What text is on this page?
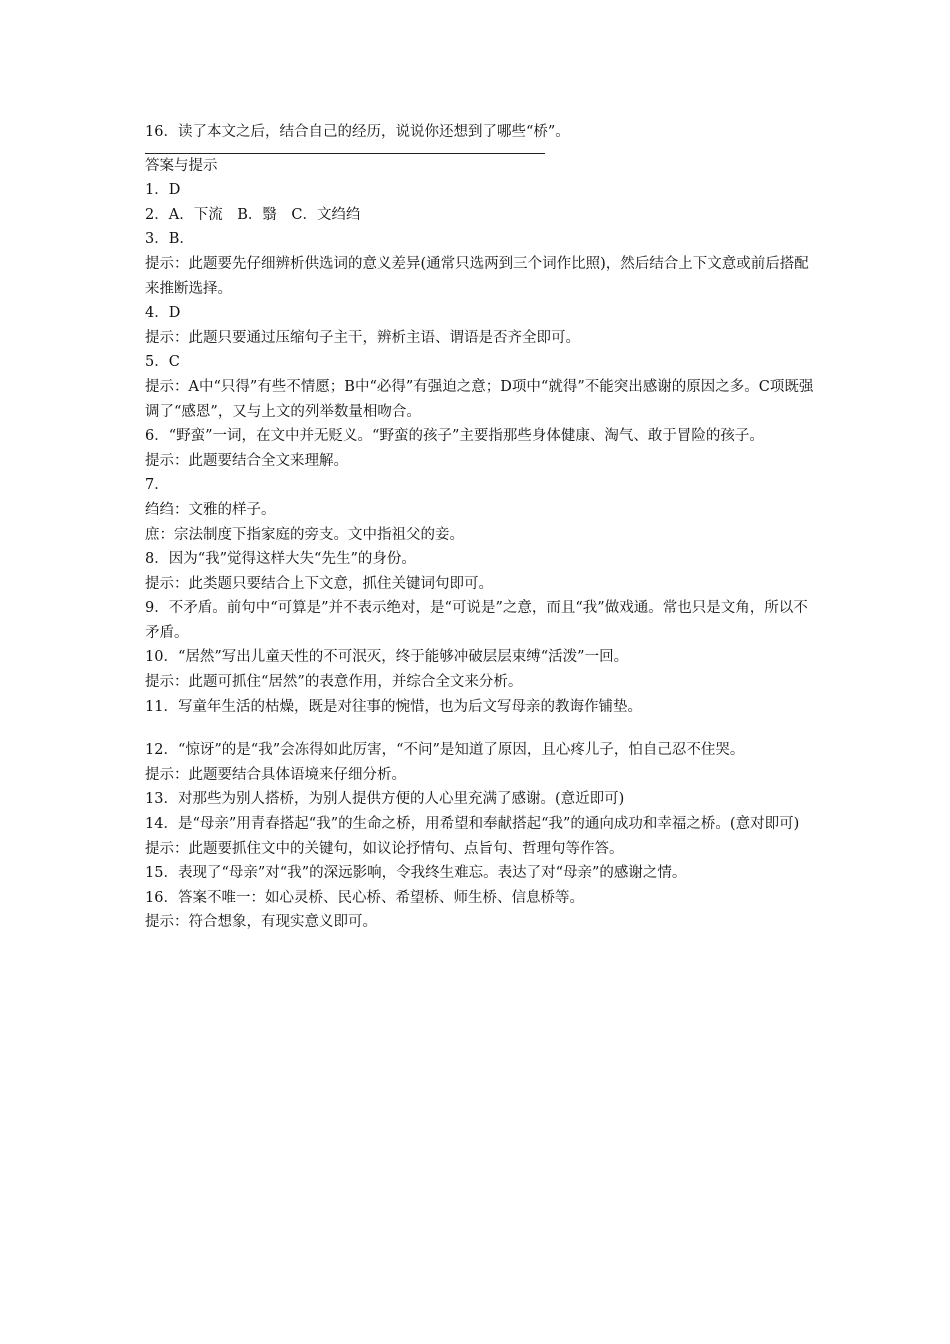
16．读了本文之后，结合自己的经历，说说你还想到了哪些“桥”。
答案与提示
1．D
2．A．下流　B．翳　C．文绉绉
3．B．
提示：此题要先仔细辨析供选词的意义差异(通常只选两到三个词作比照)，然后结合上下文意或前后搭配来推断选择。
4．D
提示：此题只要通过压缩句子主干，辨析主语、谓语是否齐全即可。
5．C
提示：A中“只得”有些不情愿；B中“必得”有强迫之意；D项中“就得”不能突出感谢的原因之多。C项既强调了“感恩”，又与上文的列举数量相吻合。
6．“野蛮”一词，在文中并无贬义。“野蛮的孩子”主要指那些身体健康、淘气、敢于冒险的孩子。
提示：此题要结合全文来理解。
7．
绉绉：文雅的样子。
庶：宗法制度下指家庭的旁支。文中指祖父的妾。
8．因为“我”觉得这样大失“先生”的身份。
提示：此类题只要结合上下文意，抓住关键词句即可。
9．不矛盾。前句中“可算是”并不表示绝对，是“可说是”之意，而且“我”做戏通。常也只是文角，所以不矛盾。
10．“居然”写出儿童天性的不可泯灭，终于能够冲破层层束缚“活泼”一回。
提示：此题可抓住“居然”的表意作用，并综合全文来分析。
11．写童年生活的枯燥，既是对往事的惋惜，也为后文写母亲的教诲作铺垫。
12．“惊讶”的是“我”会冻得如此厉害，“不问”是知道了原因，且心疼儿子，怕自己忍不住哭。
提示：此题要结合具体语境来仔细分析。
13．对那些为别人搭桥，为别人提供方便的人心里充满了感谢。(意近即可)
14．是“母亲”用青春搭起“我”的生命之桥，用希望和奉献搭起“我”的通向成功和幸福之桥。(意对即可)
提示：此题要抓住文中的关键句，如议论抒情句、点旨句、哲理句等作答。
15．表现了“母亲”对“我”的深远影响，令我终生难忘。表达了对“母亲”的感谢之情。
16．答案不唯一：如心灵桥、民心桥、希望桥、师生桥、信息桥等。
提示：符合想象，有现实意义即可。
